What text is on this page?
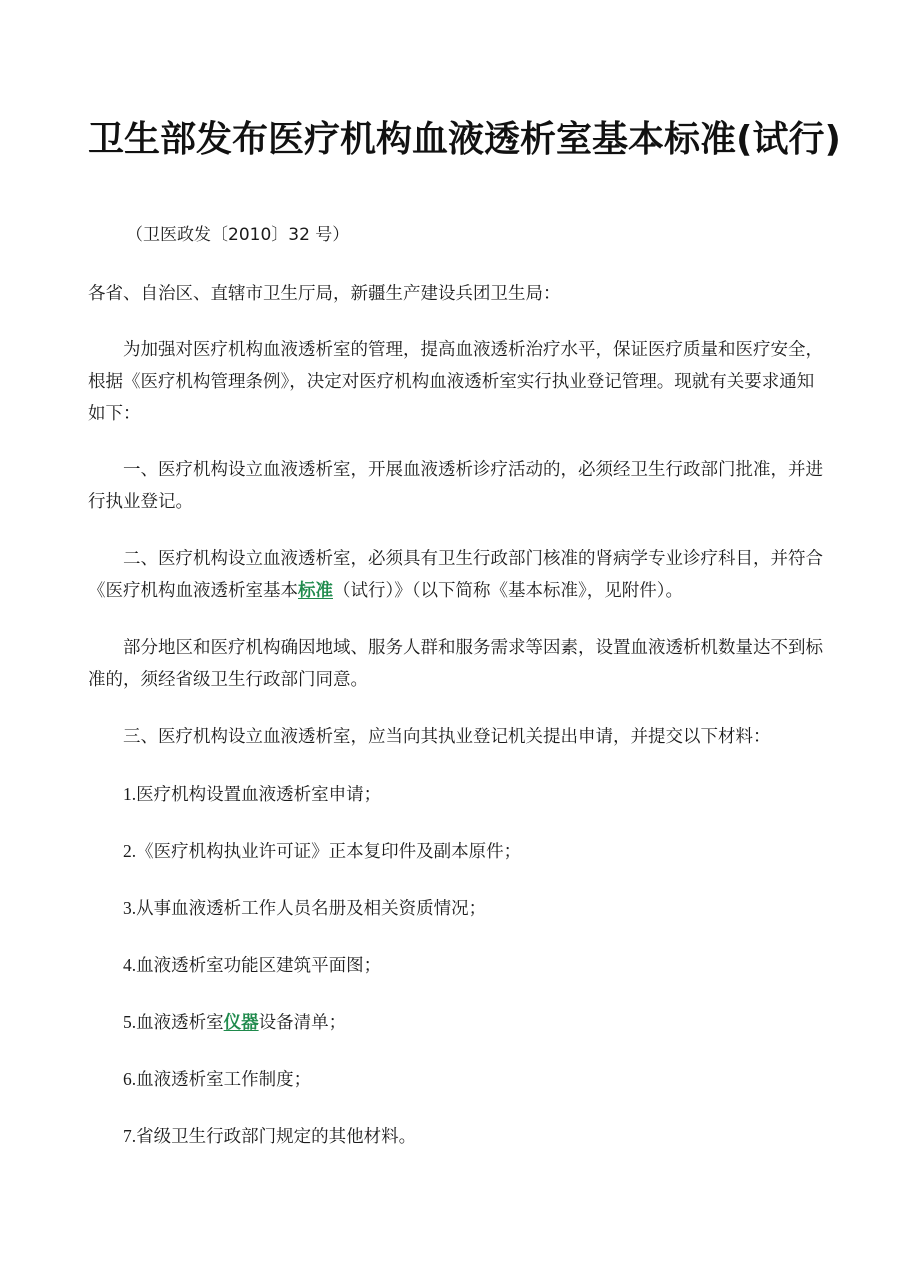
卫生部发布医疗机构血液透析室基本标准(试行)

（卫医政发〔2010〕32 号）

各省、自治区、直辖市卫生厅局，新疆生产建设兵团卫生局：

为加强对医疗机构血液透析室的管理，提高血液透析治疗水平，保证医疗质量和医疗安全，根据《医疗机构管理条例》，决定对医疗机构血液透析室实行执业登记管理。现就有关要求通知如下：

一、医疗机构设立血液透析室，开展血液透析诊疗活动的，必须经卫生行政部门批准，并进行执业登记。

二、医疗机构设立血液透析室，必须具有卫生行政部门核准的肾病学专业诊疗科目，并符合《医疗机构血液透析室基本标准（试行）》（以下简称《基本标准》，见附件）。

部分地区和医疗机构确因地域、服务人群和服务需求等因素，设置血液透析机数量达不到标准的，须经省级卫生行政部门同意。

三、医疗机构设立血液透析室，应当向其执业登记机关提出申请，并提交以下材料：

1.医疗机构设置血液透析室申请；

2.《医疗机构执业许可证》正本复印件及副本原件；

3.从事血液透析工作人员名册及相关资质情况；

4.血液透析室功能区建筑平面图；

5.血液透析室仪器设备清单；

6.血液透析室工作制度；

7.省级卫生行政部门规定的其他材料。
